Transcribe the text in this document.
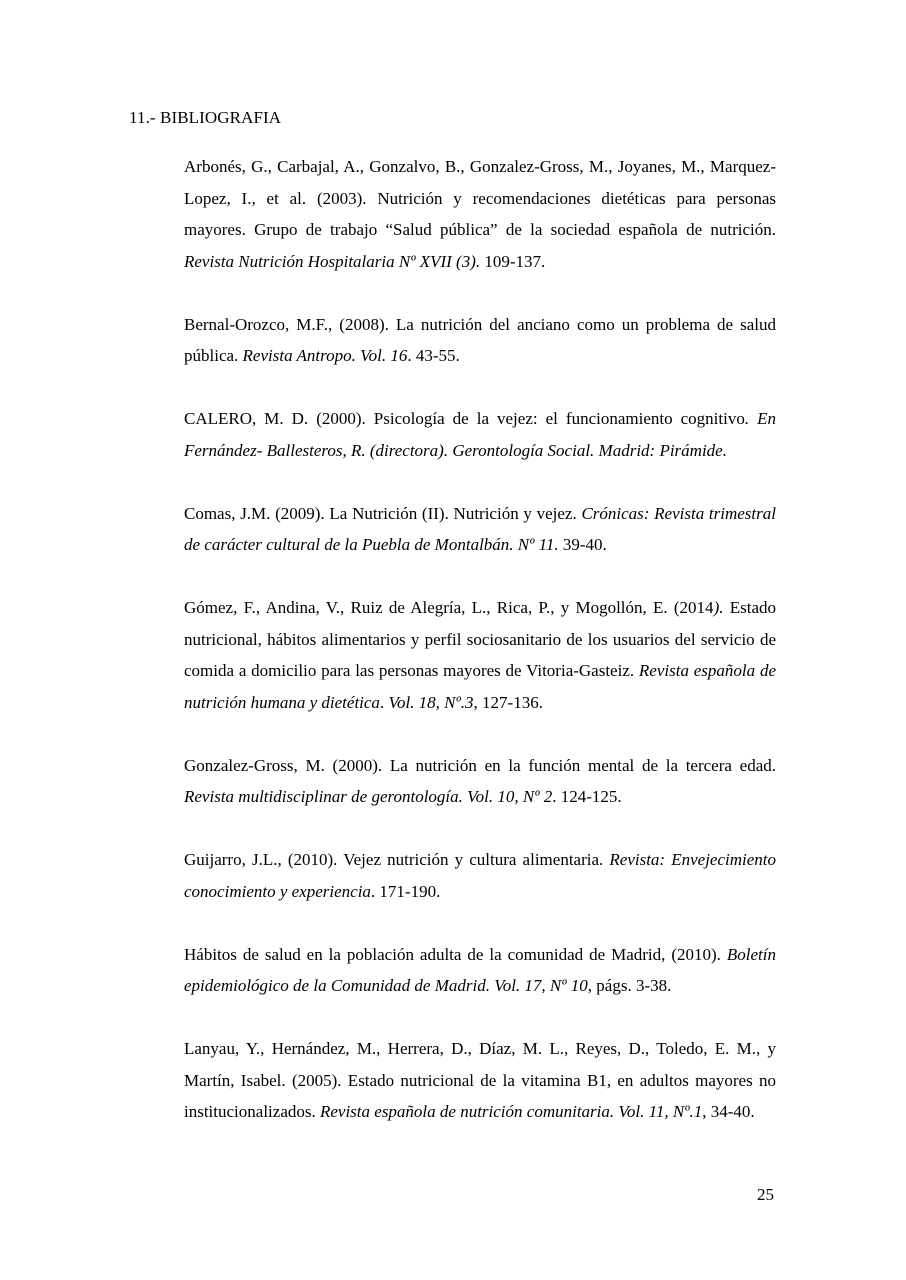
11.- BIBLIOGRAFIA
Arbonés, G., Carbajal, A., Gonzalvo, B., Gonzalez-Gross, M., Joyanes, M., Marquez-Lopez, I., et al. (2003). Nutrición y recomendaciones dietéticas para personas mayores. Grupo de trabajo “Salud pública” de la sociedad española de nutrición. Revista Nutrición Hospitalaria Nº XVII (3). 109-137.
Bernal-Orozco, M.F., (2008). La nutrición del anciano como un problema de salud pública. Revista Antropo. Vol. 16. 43-55.
CALERO, M. D. (2000). Psicología de la vejez: el funcionamiento cognitivo. En Fernández- Ballesteros, R. (directora). Gerontología Social. Madrid: Pirámide.
Comas, J.M. (2009). La Nutrición (II). Nutrición y vejez. Crónicas: Revista trimestral de carácter cultural de la Puebla de Montalbán. Nº 11. 39-40.
Gómez, F., Andina, V., Ruiz de Alegría, L., Rica, P., y Mogollón, E. (2014). Estado nutricional, hábitos alimentarios y perfil sociosanitario de los usuarios del servicio de comida a domicilio para las personas mayores de Vitoria-Gasteiz. Revista española de nutrición humana y dietética. Vol. 18, Nº.3, 127-136.
Gonzalez-Gross, M. (2000). La nutrición en la función mental de la tercera edad. Revista multidisciplinar de gerontología. Vol. 10, Nº 2. 124-125.
Guijarro, J.L., (2010). Vejez nutrición y cultura alimentaria. Revista: Envejecimiento conocimiento y experiencia. 171-190.
Hábitos de salud en la población adulta de la comunidad de Madrid, (2010). Boletín epidemiológico de la Comunidad de Madrid. Vol. 17, Nº 10, págs. 3-38.
Lanyau, Y., Hernández, M., Herrera, D., Díaz, M. L., Reyes, D., Toledo, E. M., y Martín, Isabel. (2005). Estado nutricional de la vitamina B1, en adultos mayores no institucionalizados. Revista española de nutrición comunitaria. Vol. 11, Nº.1, 34-40.
25
